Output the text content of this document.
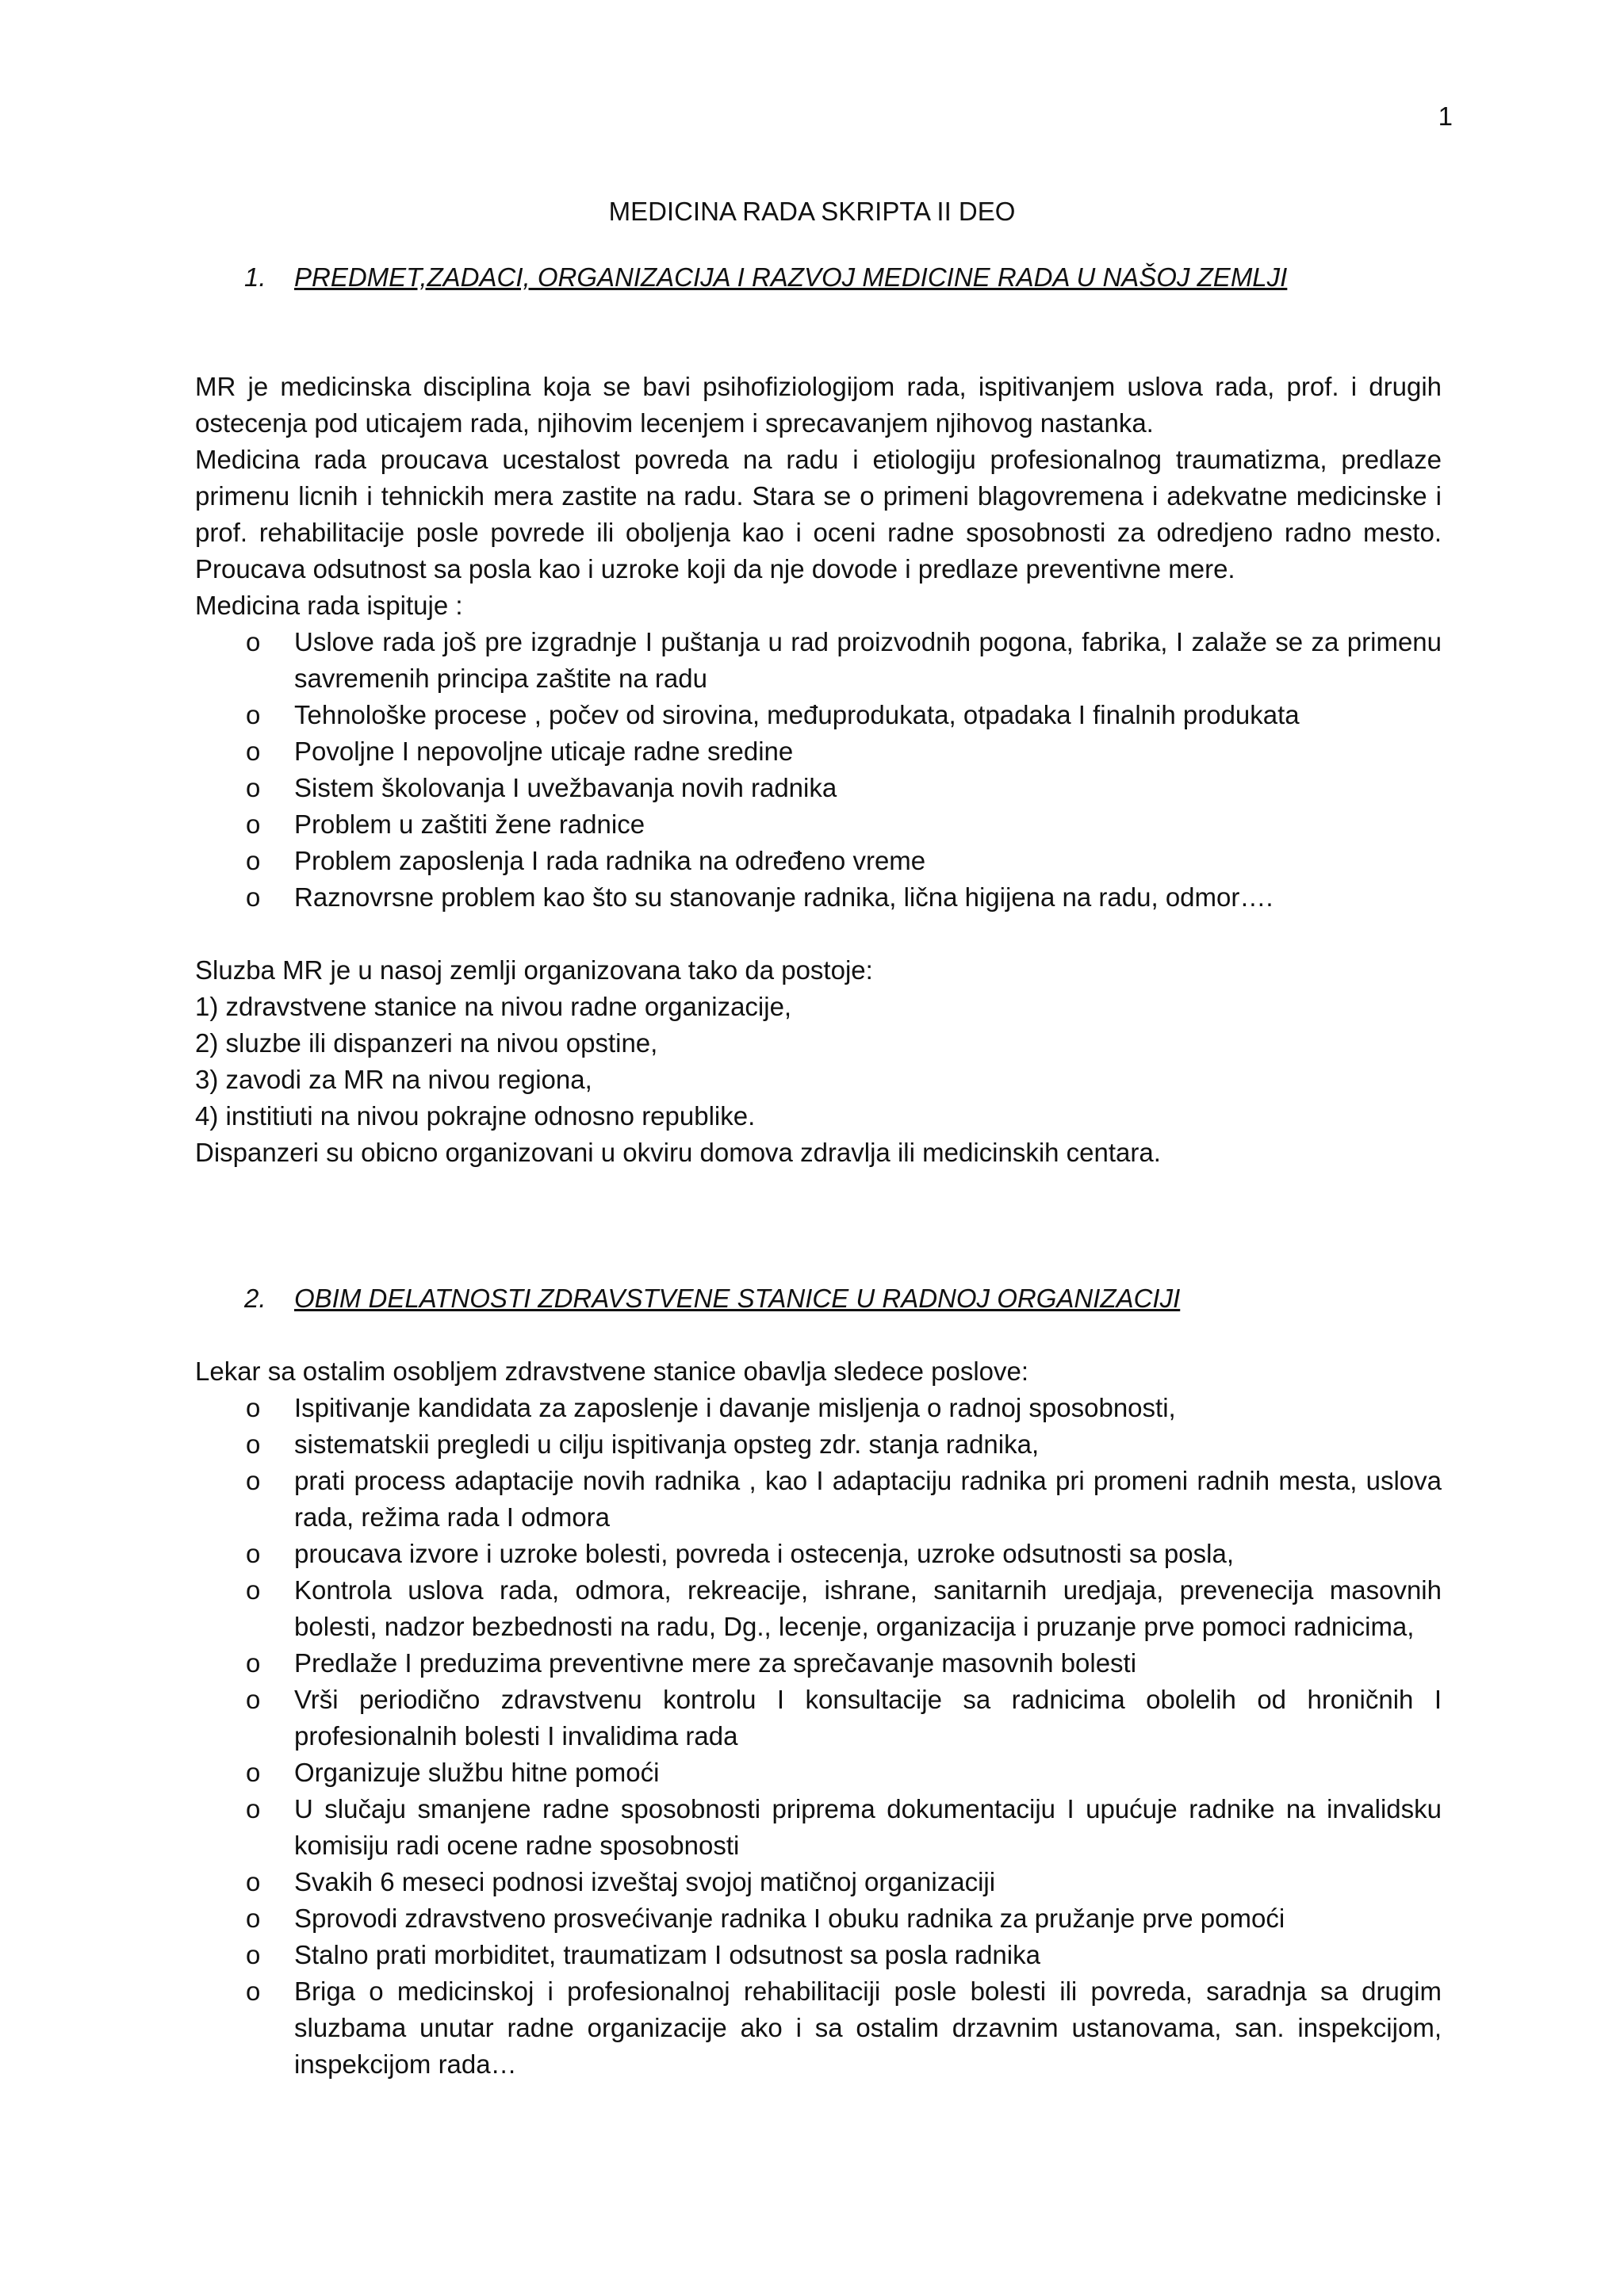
1

MEDICINA RADA SKRIPTA II DEO
1. PREDMET,ZADACI, ORGANIZACIJA I RAZVOJ MEDICINE RADA U NAŠOJ ZEMLJI

MR je medicinska disciplina koja se bavi psihofiziologijom rada, ispitivanjem uslova rada, prof. i drugih ostecenja pod uticajem rada, njihovim lecenjem i sprecavanjem njihovog nastanka.

Medicina rada proucava ucestalost povreda na radu i etiologiju profesionalnog traumatizma, predlaze primenu licnih i tehnickih mera zastite na radu. Stara se o primeni blagovremena i adekvatne medicinske i prof. rehabilitacije posle povrede ili oboljenja kao i oceni radne sposobnosti za odredjeno radno mesto. Proucava odsutnost sa posla kao i uzroke koji da nje dovode i predlaze preventivne mere.

Medicina rada ispituje :

o Uslove rada još pre izgradnje I puštanja u rad proizvodnih pogona, fabrika, I zalaže se za primenu savremenih principa zaštite na radu
o Tehnološke procese , počev od sirovina, međuprodukata, otpadaka I finalnih produkata
o Povoljne I nepovoljne uticaje radne sredine
o Sistem školovanja I uvežbavanja novih radnika
o Problem u zaštiti žene radnice
o Problem zaposlenja I rada radnika na određeno vreme
o Raznovrsne problem kao što su stanovanje radnika, lična higijena na radu, odmor….

Sluzba MR je u nasoj zemlji organizovana tako da postoje:

1) zdravstvene stanice na nivou radne organizacije,

2) sluzbe ili dispanzeri na nivou opstine,

3) zavodi za MR na nivou regiona,

4) institiuti na nivou pokrajne odnosno republike.

Dispanzeri su obicno organizovani u okviru domova zdravlja ili medicinskih centara.

2. OBIM DELATNOSTI ZDRAVSTVENE STANICE U RADNOJ ORGANIZACIJI

Lekar sa ostalim osobljem zdravstvene stanice obavlja sledece poslove:

o Ispitivanje kandidata za zaposlenje i davanje misljenja o radnoj sposobnosti,
o sistematskii pregledi u cilju ispitivanja opsteg zdr. stanja radnika,
o prati process adaptacije novih radnika , kao I adaptaciju radnika pri promeni radnih mesta, uslova rada, režima rada I odmora
o proucava izvore i uzroke bolesti, povreda i ostecenja, uzroke odsutnosti sa posla,
o Kontrola uslova rada, odmora, rekreacije, ishrane, sanitarnih uredjaja, prevenecija masovnih bolesti, nadzor bezbednosti na radu, Dg., lecenje, organizacija i pruzanje prve pomoci radnicima,
o Predlaže I preduzima preventivne mere za sprečavanje masovnih bolesti
o Vrši periodično zdravstvenu kontrolu I konsultacije sa radnicima obolelih od hroničnih I profesionalnih bolesti I invalidima rada
o Organizuje službu hitne pomoći
o U slučaju smanjene radne sposobnosti priprema dokumentaciju I upućuje radnike na invalidsku komisiju radi ocene radne sposobnosti
o Svakih 6 meseci podnosi izveštaj svojoj matičnoj organizaciji
o Sprovodi zdravstveno prosvećivanje radnika I obuku radnika za pružanje prve pomoći
o Stalno prati morbiditet, traumatizam I odsutnost sa posla radnika
o Briga o medicinskoj i profesionalnoj rehabilitaciji posle bolesti ili povreda, saradnja sa drugim sluzbama unutar radne organizacije ako i sa ostalim drzavnim ustanovama, san. inspekcijom, inspekcijom rada…
